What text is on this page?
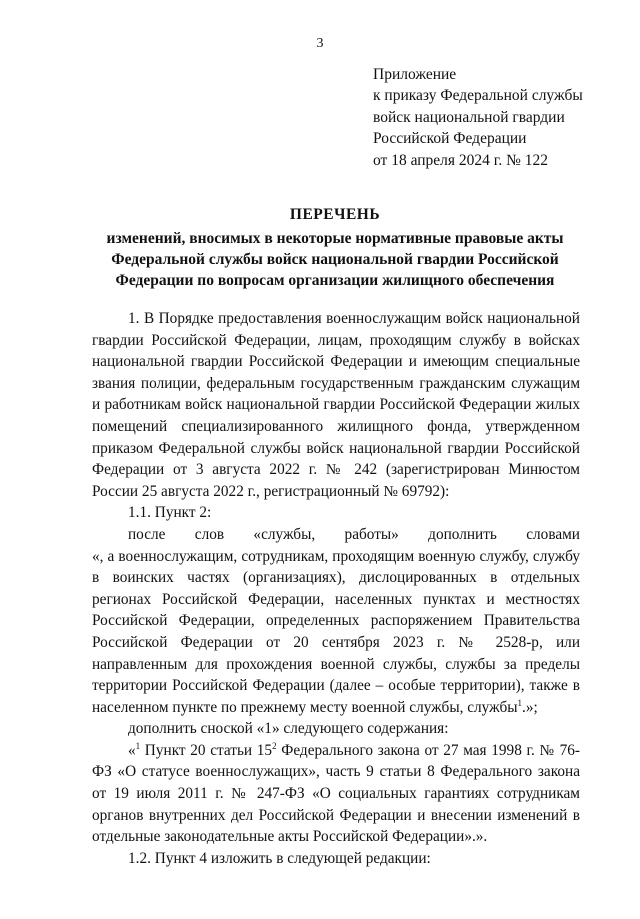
3
Приложение
к приказу Федеральной службы
войск национальной гвардии
Российской Федерации
от 18 апреля 2024 г. № 122
ПЕРЕЧЕНЬ
изменений, вносимых в некоторые нормативные правовые акты
Федеральной службы войск национальной гвардии Российской
Федерации по вопросам организации жилищного обеспечения

1. В Порядке предоставления военнослужащим войск национальной гвардии Российской Федерации, лицам, проходящим службу в войсках национальной гвардии Российской Федерации и имеющим специальные звания полиции, федеральным государственным гражданским служащим и работникам войск национальной гвардии Российской Федерации жилых помещений специализированного жилищного фонда, утвержденном приказом Федеральной службы войск национальной гвардии Российской Федерации от 3 августа 2022 г. № 242 (зарегистрирован Минюстом России 25 августа 2022 г., регистрационный № 69792):

1.1. Пункт 2:

после слов «службы, работы» дополнить словами

«, а военнослужащим, сотрудникам, проходящим военную службу, службу в воинских частях (организациях), дислоцированных в отдельных регионах Российской Федерации, населенных пунктах и местностях Российской Федерации, определенных распоряжением Правительства Российской Федерации от 20 сентября 2023 г. № 2528-р, или направленным для прохождения военной службы, службы за пределы территории Российской Федерации (далее – особые территории), также в населенном пункте по прежнему месту военной службы, службы$^1$.»;

дополнить сноской «1» следующего содержания:

«$^1$ Пункт 20 статьи $15^2$ Федерального закона от 27 мая 1998 г. № 76-ФЗ «О статусе военнослужащих», часть 9 статьи 8 Федерального закона от 19 июля 2011 г. № 247-ФЗ «О социальных гарантиях сотрудникам органов внутренних дел Российской Федерации и внесении изменений в отдельные законодательные акты Российской Федерации».».

1.2. Пункт 4 изложить в следующей редакции:
